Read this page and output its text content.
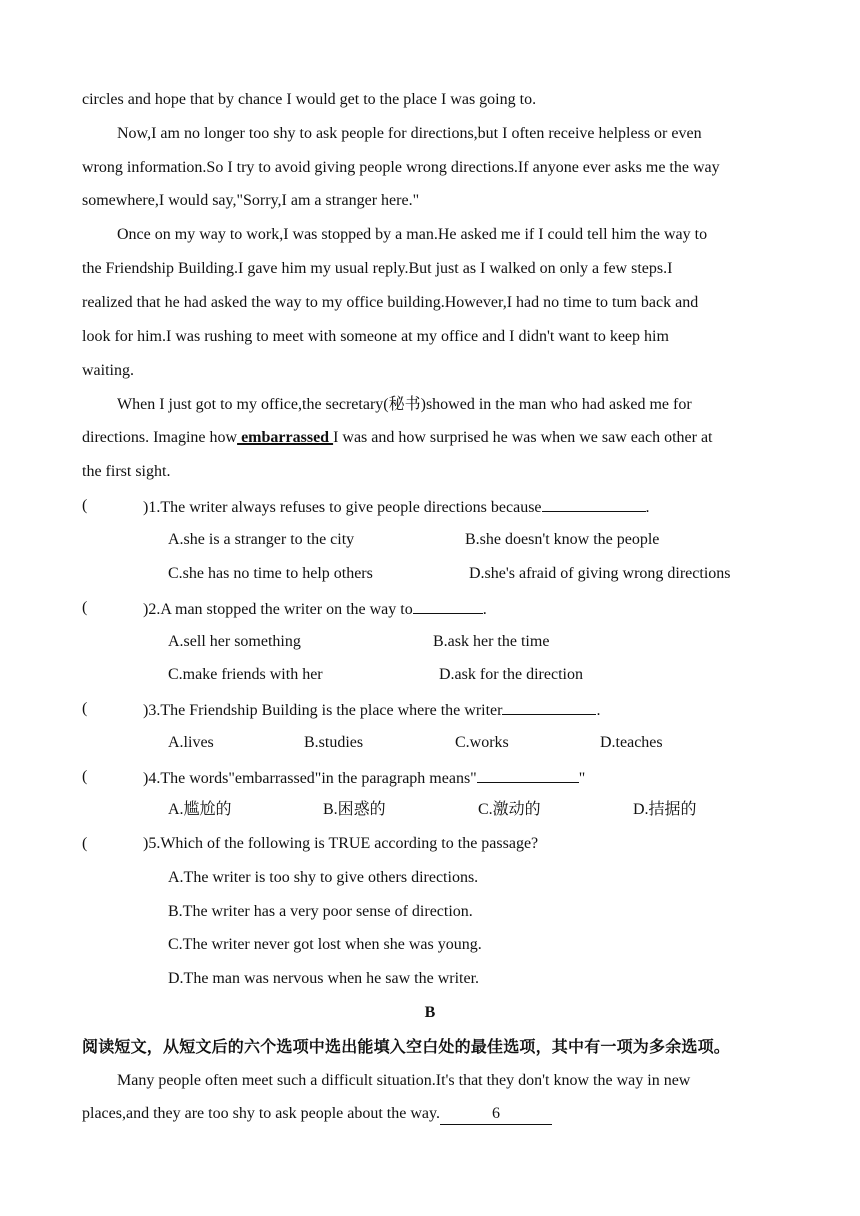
circles and hope that by chance I would get to the place I was going to.
Now,I am no longer too shy to ask people for directions,but I often receive helpless or even
wrong information.So I try to avoid giving people wrong directions.If anyone ever asks me the way
somewhere,I would say,"Sorry,I am a stranger here."
Once on my way to work,I was stopped by a man.He asked me if I could tell him the way to
the Friendship Building.I gave him my usual reply.But just as I walked on only a few steps.I
realized that he had asked the way to my office building.However,I had no time to tum back and
look for him.I was rushing to meet with someone at my office and I didn't want to keep him
waiting.
When I just got to my office,the secretary(秘书)showed in the man who had asked me for
directions. Imagine how embarrassed I was and how surprised he was when we saw each other at
the first sight.
(	)1.The writer always refuses to give people directions because	.
A.she is a stranger to the city	B.she doesn't know the people
C.she has no time to help others	D.she's afraid of giving wrong directions
(	)2.A man stopped the writer on the way to	.
A.sell her something	B.ask her the time
C.make friends with her	D.ask for the direction
(	)3.The Friendship Building is the place where the writer	.
A.lives	B.studies	C.works	D.teaches
(	)4.The words"embarrassed"in the paragraph means"	"
A.尴尬的	B.困惑的	C.激动的	D.拮据的
(	)5.Which of the following is TRUE according to the passage?
A.The writer is too shy to give others directions.
B.The writer has a very poor sense of direction.
C.The writer never got lost when she was young.
D.The man was nervous when he saw the writer.
B
阅读短文，从短文后的六个选项中选出能填入空白处的最佳选项，其中有一项为多余选项。
Many people often meet such a difficult situation.It's that they don't know the way in new
places,and they are too shy to ask people about the way.	6
